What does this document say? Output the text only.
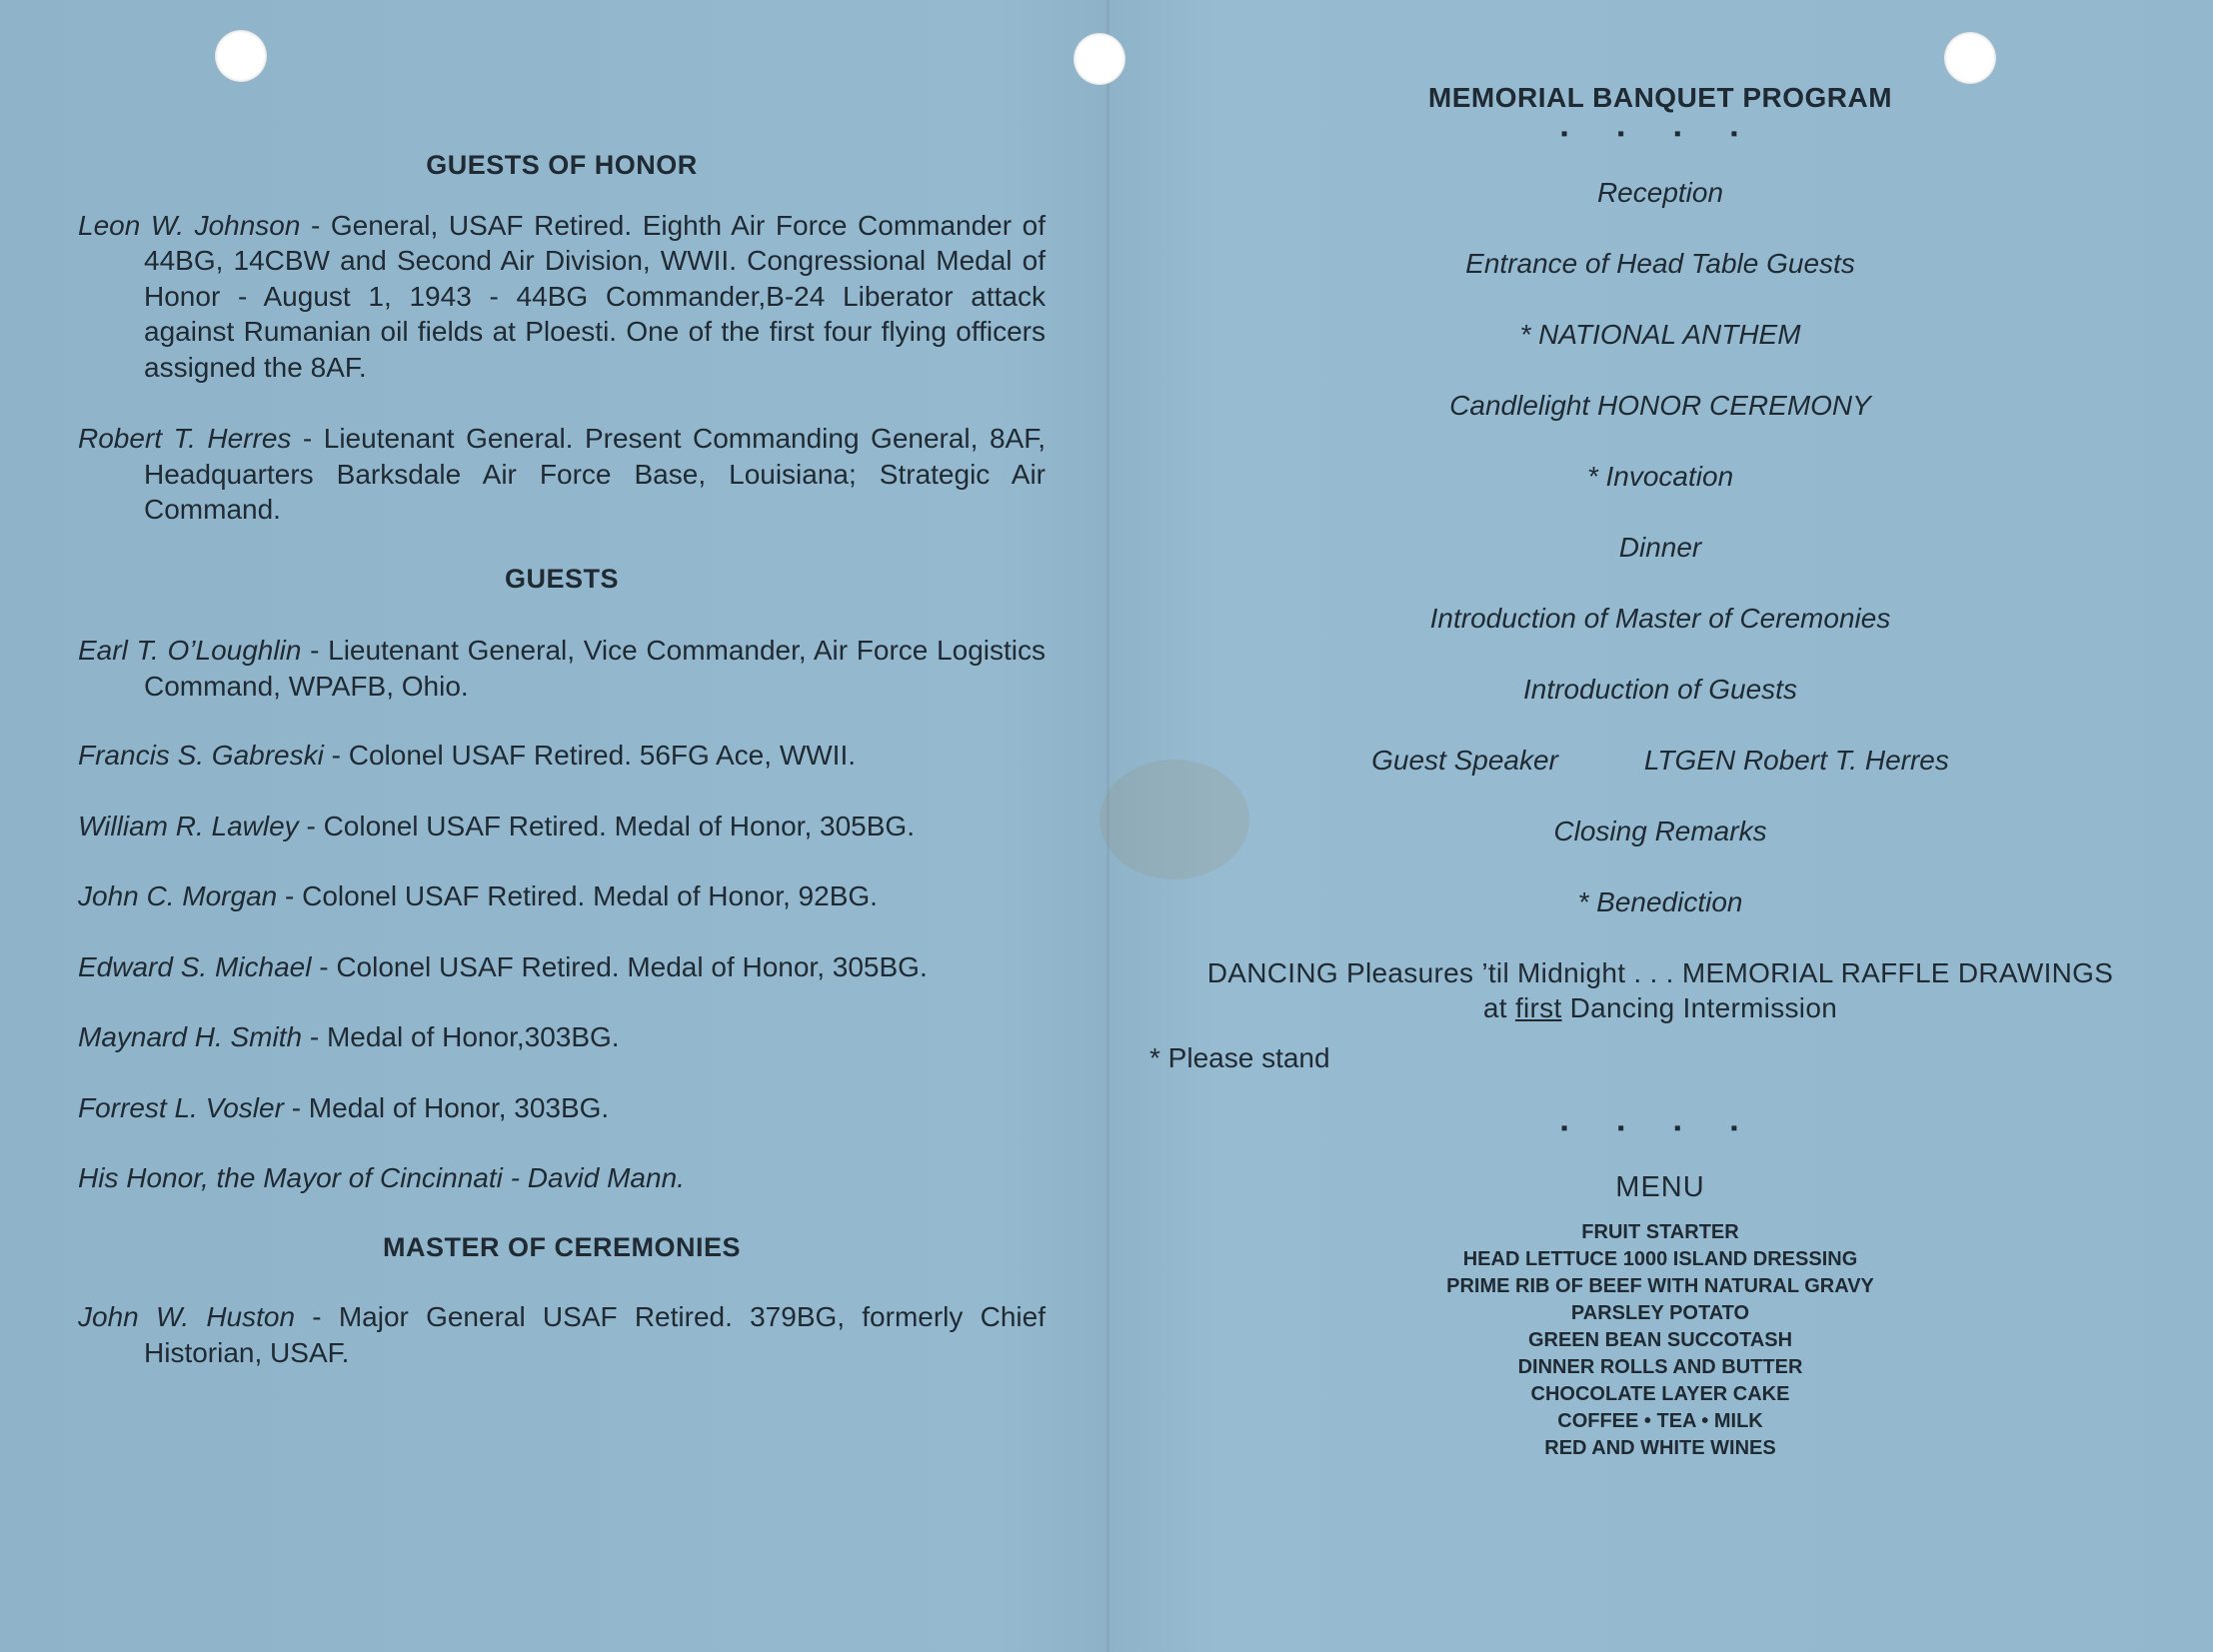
GUESTS OF HONOR

Leon W. Johnson - General, USAF Retired. Eighth Air Force Commander of 44BG, 14CBW and Second Air Division, WWII. Congressional Medal of Honor - August 1, 1943 - 44BG Commander,B-24 Liberator attack against Rumanian oil fields at Ploesti. One of the first four flying officers assigned the 8AF.

Robert T. Herres - Lieutenant General. Present Commanding General, 8AF, Headquarters Barksdale Air Force Base, Louisiana; Strategic Air Command.

GUESTS

Earl T. O’Loughlin - Lieutenant General, Vice Commander, Air Force Logistics Command, WPAFB, Ohio.

Francis S. Gabreski - Colonel USAF Retired. 56FG Ace, WWII.

William R. Lawley - Colonel USAF Retired. Medal of Honor, 305BG.

John C. Morgan - Colonel USAF Retired. Medal of Honor, 92BG.

Edward S. Michael - Colonel USAF Retired. Medal of Honor, 305BG.

Maynard H. Smith - Medal of Honor,303BG.

Forrest L. Vosler - Medal of Honor, 303BG.

His Honor, the Mayor of Cincinnati - David Mann.

MASTER OF CEREMONIES

John W. Huston - Major General USAF Retired. 379BG, formerly Chief Historian, USAF.

MEMORIAL BANQUET PROGRAM
▪ ▪ ▪ ▪

Reception

Entrance of Head Table Guests

* NATIONAL ANTHEM

Candlelight HONOR CEREMONY

* Invocation

Dinner

Introduction of Master of Ceremonies

Introduction of Guests

Guest Speaker	LTGEN Robert T. Herres

Closing Remarks

* Benediction

DANCING Pleasures ’til Midnight . . . MEMORIAL RAFFLE DRAWINGS
at first Dancing Intermission
* Please stand
▪ ▪ ▪ ▪
MENU
FRUIT STARTER
HEAD LETTUCE 1000 ISLAND DRESSING
PRIME RIB OF BEEF WITH NATURAL GRAVY
PARSLEY POTATO
GREEN BEAN SUCCOTASH
DINNER ROLLS AND BUTTER
CHOCOLATE LAYER CAKE
COFFEE • TEA • MILK
RED AND WHITE WINES
